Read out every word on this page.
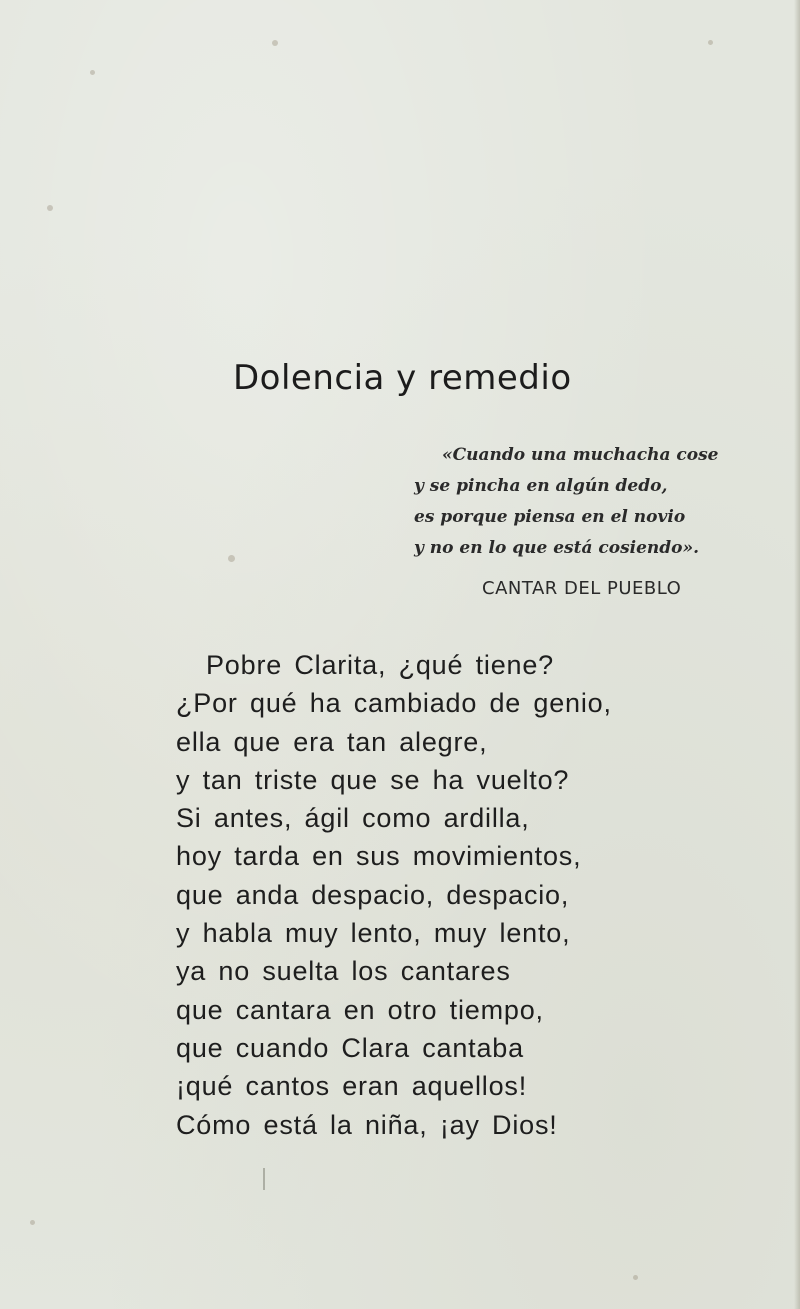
Dolencia y remedio
«Cuando una muchacha cose
y se pincha en algún dedo,
es porque piensa en el novio
y no en lo que está cosiendo».
CANTAR DEL PUEBLO
Pobre Clarita, ¿qué tiene?
¿Por qué ha cambiado de genio,
ella que era tan alegre,
y tan triste que se ha vuelto?
Si antes, ágil como ardilla,
hoy tarda en sus movimientos,
que anda despacio, despacio,
y habla muy lento, muy lento,
ya no suelta los cantares
que cantara en otro tiempo,
que cuando Clara cantaba
¡qué cantos eran aquellos!
Cómo está la niña, ¡ay Dios!
